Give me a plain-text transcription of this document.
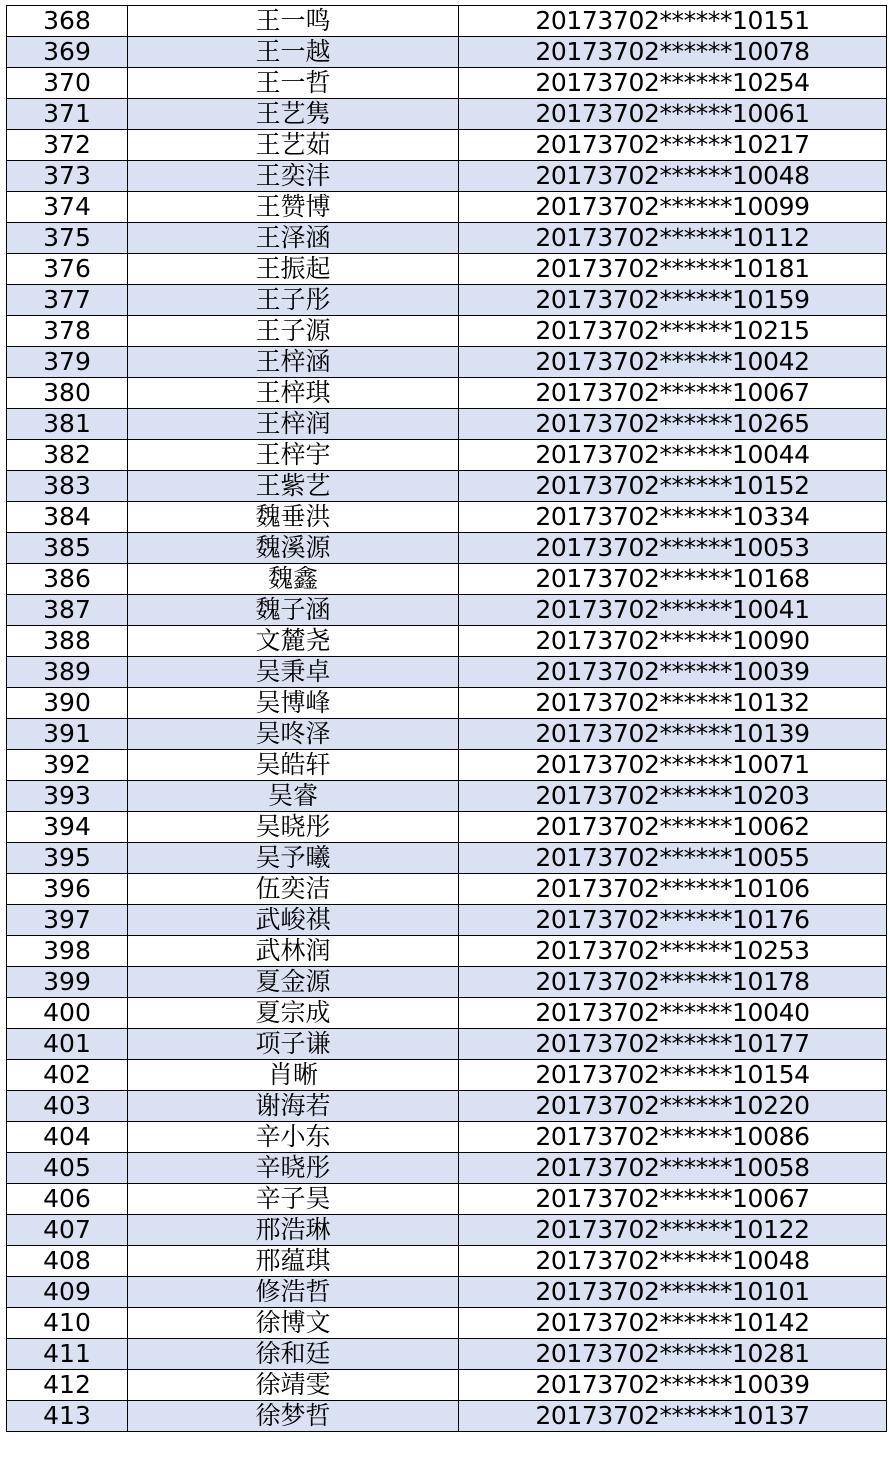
368	王一鸣	20173702******10151
369	王一越	20173702******10078
370	王一哲	20173702******10254
371	王艺隽	20173702******10061
372	王艺茹	20173702******10217
373	王奕沣	20173702******10048
374	王赞博	20173702******10099
375	王泽涵	20173702******10112
376	王振起	20173702******10181
377	王子彤	20173702******10159
378	王子源	20173702******10215
379	王梓涵	20173702******10042
380	王梓琪	20173702******10067
381	王梓润	20173702******10265
382	王梓宇	20173702******10044
383	王紫艺	20173702******10152
384	魏垂洪	20173702******10334
385	魏溪源	20173702******10053
386	魏鑫	20173702******10168
387	魏子涵	20173702******10041
388	文麓尧	20173702******10090
389	吴秉卓	20173702******10039
390	吴博峰	20173702******10132
391	吴咚泽	20173702******10139
392	吴皓轩	20173702******10071
393	吴睿	20173702******10203
394	吴晓彤	20173702******10062
395	吴予曦	20173702******10055
396	伍奕洁	20173702******10106
397	武峻祺	20173702******10176
398	武林润	20173702******10253
399	夏金源	20173702******10178
400	夏宗成	20173702******10040
401	项子谦	20173702******10177
402	肖晰	20173702******10154
403	谢海若	20173702******10220
404	辛小东	20173702******10086
405	辛晓彤	20173702******10058
406	辛子昊	20173702******10067
407	邢浩琳	20173702******10122
408	邢蕴琪	20173702******10048
409	修浩哲	20173702******10101
410	徐博文	20173702******10142
411	徐和廷	20173702******10281
412	徐靖雯	20173702******10039
413	徐梦哲	20173702******10137
